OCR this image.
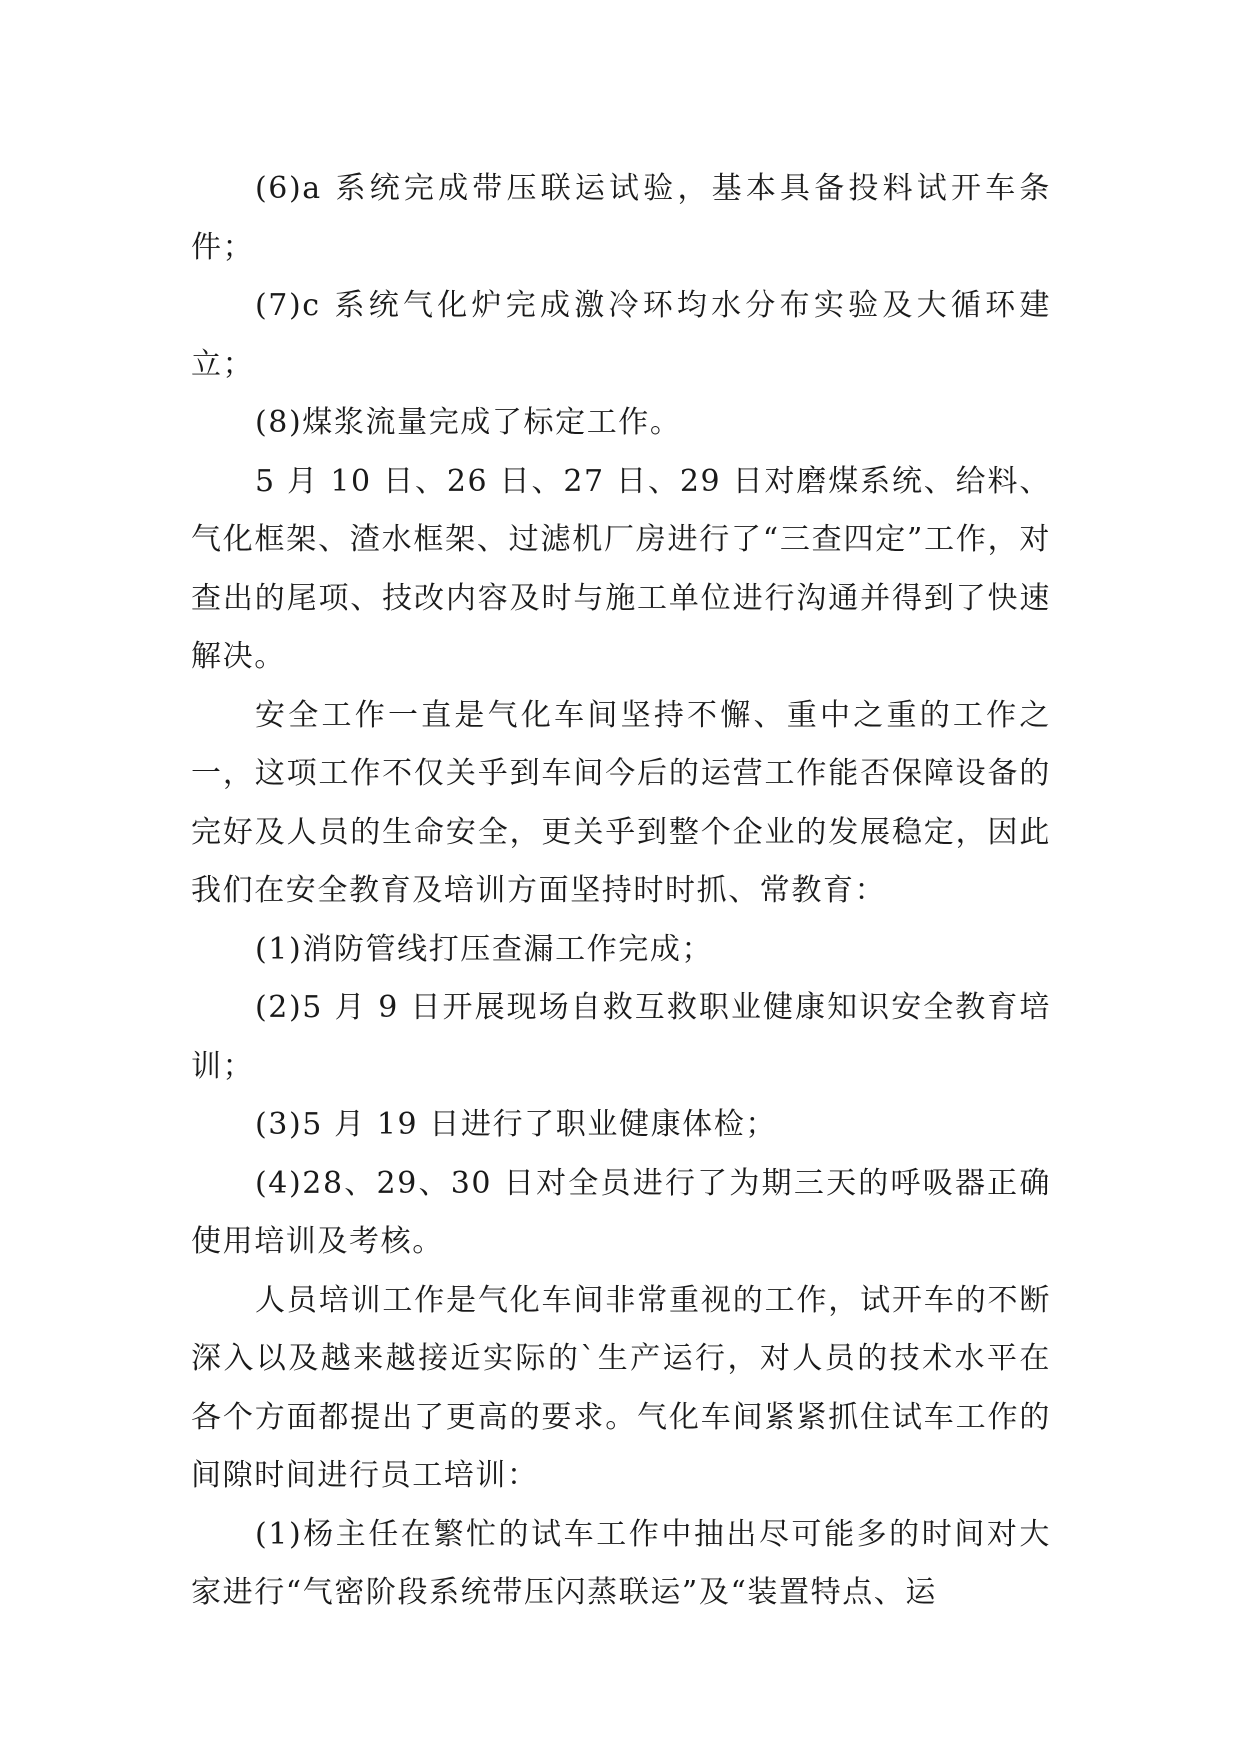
(6)a 系统完成带压联运试验，基本具备投料试开车条件；

(7)c 系统气化炉完成激冷环均水分布实验及大循环建立；

(8)煤浆流量完成了标定工作。

5 月 10 日、26 日、27 日、29 日对磨煤系统、给料、气化框架、渣水框架、过滤机厂房进行了“三查四定”工作，对查出的尾项、技改内容及时与施工单位进行沟通并得到了快速解决。

安全工作一直是气化车间坚持不懈、重中之重的工作之一，这项工作不仅关乎到车间今后的运营工作能否保障设备的完好及人员的生命安全，更关乎到整个企业的发展稳定，因此我们在安全教育及培训方面坚持时时抓、常教育：

(1)消防管线打压查漏工作完成；

(2)5 月 9 日开展现场自救互救职业健康知识安全教育培训；

(3)5 月 19 日进行了职业健康体检；

(4)28、29、30 日对全员进行了为期三天的呼吸器正确使用培训及考核。

人员培训工作是气化车间非常重视的工作，试开车的不断深入以及越来越接近实际的`生产运行，对人员的技术水平在各个方面都提出了更高的要求。气化车间紧紧抓住试车工作的间隙时间进行员工培训：

(1)杨主任在繁忙的试车工作中抽出尽可能多的时间对大家进行“气密阶段系统带压闪蒸联运”及“装置特点、运
